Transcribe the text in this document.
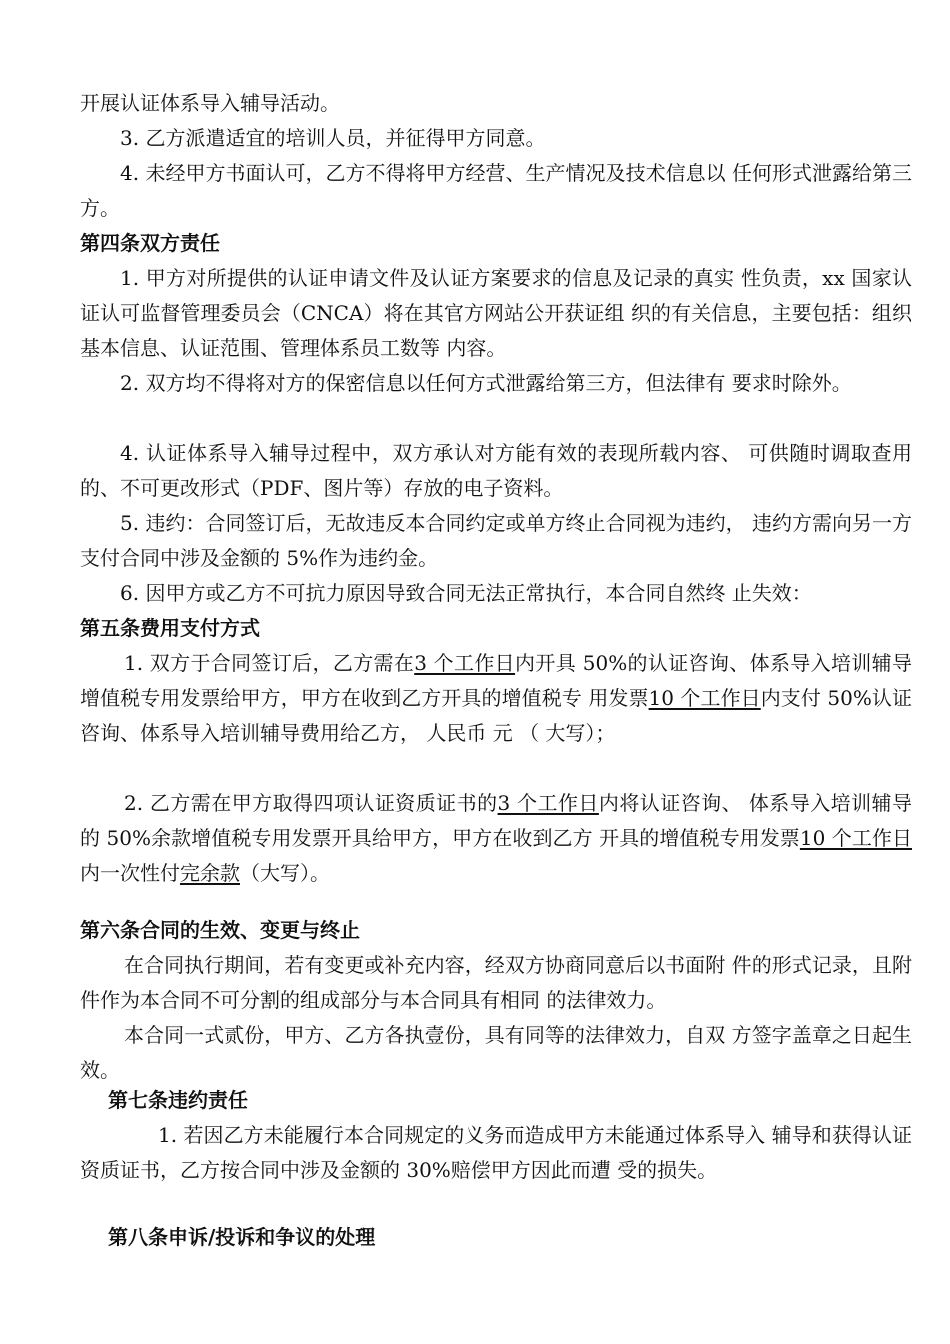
开展认证体系导入辅导活动。

3. 乙方派遣适宜的培训人员，并征得甲方同意。

4. 未经甲方书面认可，乙方不得将甲方经营、生产情况及技术信息以 任何形式泄露给第三方。

第四条双方责任

1. 甲方对所提供的认证申请文件及认证方案要求的信息及记录的真实 性负责，xx 国家认证认可监督管理委员会（CNCA）将在其官方网站公开获证组 织的有关信息，主要包括：组织基本信息、认证范围、管理体系员工数等 内容。

2. 双方均不得将对方的保密信息以任何方式泄露给第三方，但法律有 要求时除外。

4. 认证体系导入辅导过程中，双方承认对方能有效的表现所载内容、 可供随时调取查用的、不可更改形式（PDF、图片等）存放的电子资料。

5. 违约：合同签订后，无故违反本合同约定或单方终止合同视为违约， 违约方需向另一方支付合同中涉及金额的 5%作为违约金。

6. 因甲方或乙方不可抗力原因导致合同无法正常执行，本合同自然终 止失效：

第五条费用支付方式

1. 双方于合同签订后，乙方需在3 个工作日内开具 50%的认证咨询、体系导入培训辅导增值税专用发票给甲方，甲方在收到乙方开具的增值税专 用发票10 个工作日内支付 50%认证咨询、体系导入培训辅导费用给乙方， 人民币 元 （ 大写）；

2. 乙方需在甲方取得四项认证资质证书的3 个工作日内将认证咨询、 体系导入培训辅导的 50%余款增值税专用发票开具给甲方，甲方在收到乙方 开具的增值税专用发票10 个工作日内一次性付完余款（大写）。

第六条合同的生效、变更与终止

在合同执行期间，若有变更或补充内容，经双方协商同意后以书面附 件的形式记录，且附件作为本合同不可分割的组成部分与本合同具有相同 的法律效力。

本合同一式贰份，甲方、乙方各执壹份，具有同等的法律效力，自双 方签字盖章之日起生效。

第七条违约责任

1. 若因乙方未能履行本合同规定的义务而造成甲方未能通过体系导入 辅导和获得认证资质证书，乙方按合同中涉及金额的 30%赔偿甲方因此而遭 受的损失。

第八条申诉/投诉和争议的处理
